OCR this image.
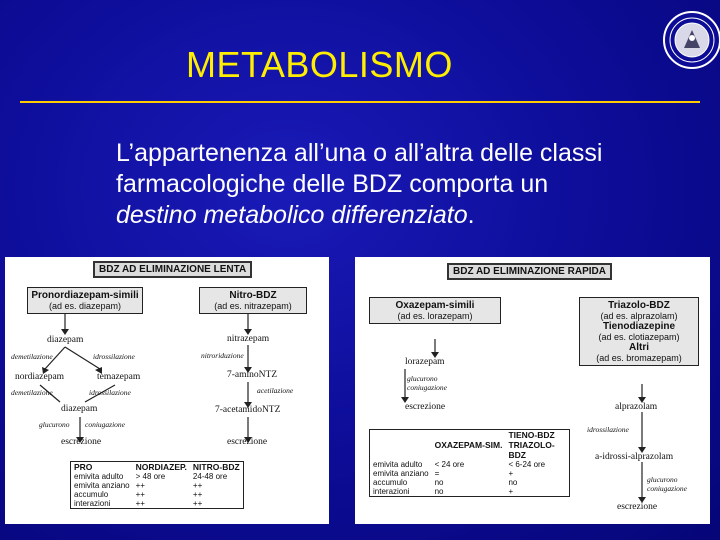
METABOLISMO
L’appartenenza all’una o all’altra delle classi
farmacologiche delle BDZ comporta un
destino metabolico differenziato.
BDZ AD ELIMINAZIONE LENTA
Pronordiazepam-simili
(ad es. diazepam)
Nitro-BDZ
(ad es. nitrazepam)
diazepam
demetilazione	idrossilazione
nordiazepam	temazepam
idrossilazione
demetilazione
diazepam
glucurono coniugazione
escrezione
nitrazepam
nitroriduzione
7-aminoNTZ
acetilazione
7-acetamidoNTZ
escrezione
PRO	NORDIAZEP.	NITRO-BDZ
emivita adulto	> 48 ore	24-48 ore
emivita anziano	++	++
accumulo	++	++
interazioni	++	++
BDZ AD ELIMINAZIONE RAPIDA
Oxazepam-simili
(ad es. lorazepam)
Triazolo-BDZ
(ad es. alprazolam)
Tienodiazepine
(ad es. clotiazepam)
Altri
(ad es. bromazepam)
lorazepam
glucurono
coniugazione
escrezione	alprazolam
idrossilazione
a-idrossi-alprazolam
glucurono
coniugazione
escrezione
	OXAZEPAM-SIM.	TIENO-BDZ TRIAZOLO-BDZ
emivita adulto	< 24 ore	< 6-24 ore
emivita anziano	=	+
accumulo	no	no
interazioni	no	+
